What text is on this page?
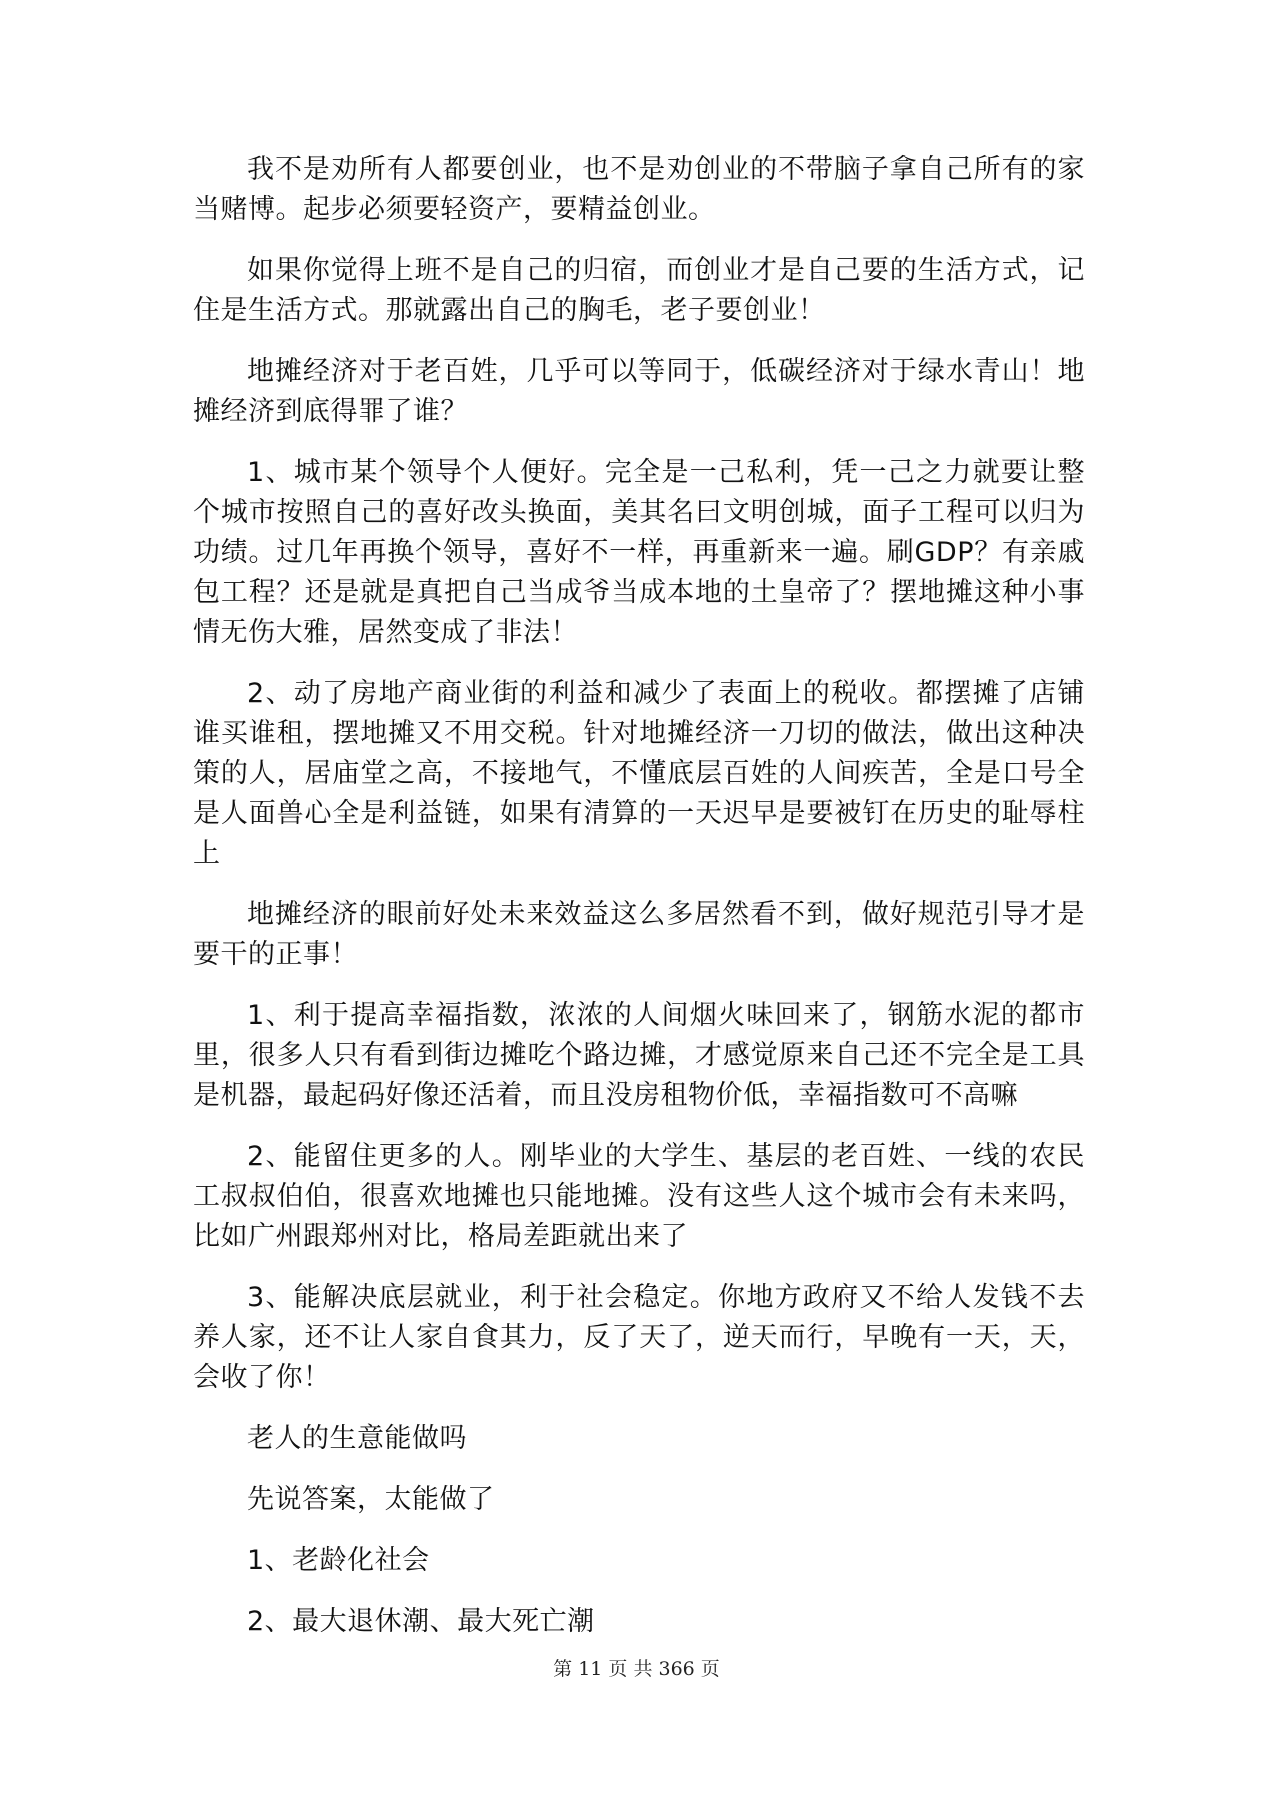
我不是劝所有人都要创业，也不是劝创业的不带脑子拿自己所有的家当赌博。起步必须要轻资产，要精益创业。

如果你觉得上班不是自己的归宿，而创业才是自己要的生活方式，记住是生活方式。那就露出自己的胸毛，老子要创业！

地摊经济对于老百姓，几乎可以等同于，低碳经济对于绿水青山！地摊经济到底得罪了谁？

1、城市某个领导个人便好。完全是一己私利，凭一己之力就要让整个城市按照自己的喜好改头换面，美其名曰文明创城，面子工程可以归为功绩。过几年再换个领导，喜好不一样，再重新来一遍。刷GDP？有亲戚包工程？还是就是真把自己当成爷当成本地的土皇帝了？摆地摊这种小事情无伤大雅，居然变成了非法！

2、动了房地产商业街的利益和减少了表面上的税收。都摆摊了店铺谁买谁租，摆地摊又不用交税。针对地摊经济一刀切的做法，做出这种决策的人，居庙堂之高，不接地气，不懂底层百姓的人间疾苦，全是口号全是人面兽心全是利益链，如果有清算的一天迟早是要被钉在历史的耻辱柱上

地摊经济的眼前好处未来效益这么多居然看不到，做好规范引导才是要干的正事！

1、利于提高幸福指数，浓浓的人间烟火味回来了，钢筋水泥的都市里，很多人只有看到街边摊吃个路边摊，才感觉原来自己还不完全是工具是机器，最起码好像还活着，而且没房租物价低，幸福指数可不高嘛

2、能留住更多的人。刚毕业的大学生、基层的老百姓、一线的农民工叔叔伯伯，很喜欢地摊也只能地摊。没有这些人这个城市会有未来吗，比如广州跟郑州对比，格局差距就出来了

3、能解决底层就业，利于社会稳定。你地方政府又不给人发钱不去养人家，还不让人家自食其力，反了天了，逆天而行，早晚有一天，天，会收了你！

老人的生意能做吗

先说答案，太能做了

1、老龄化社会

2、最大退休潮、最大死亡潮

第 11 页 共 366 页
